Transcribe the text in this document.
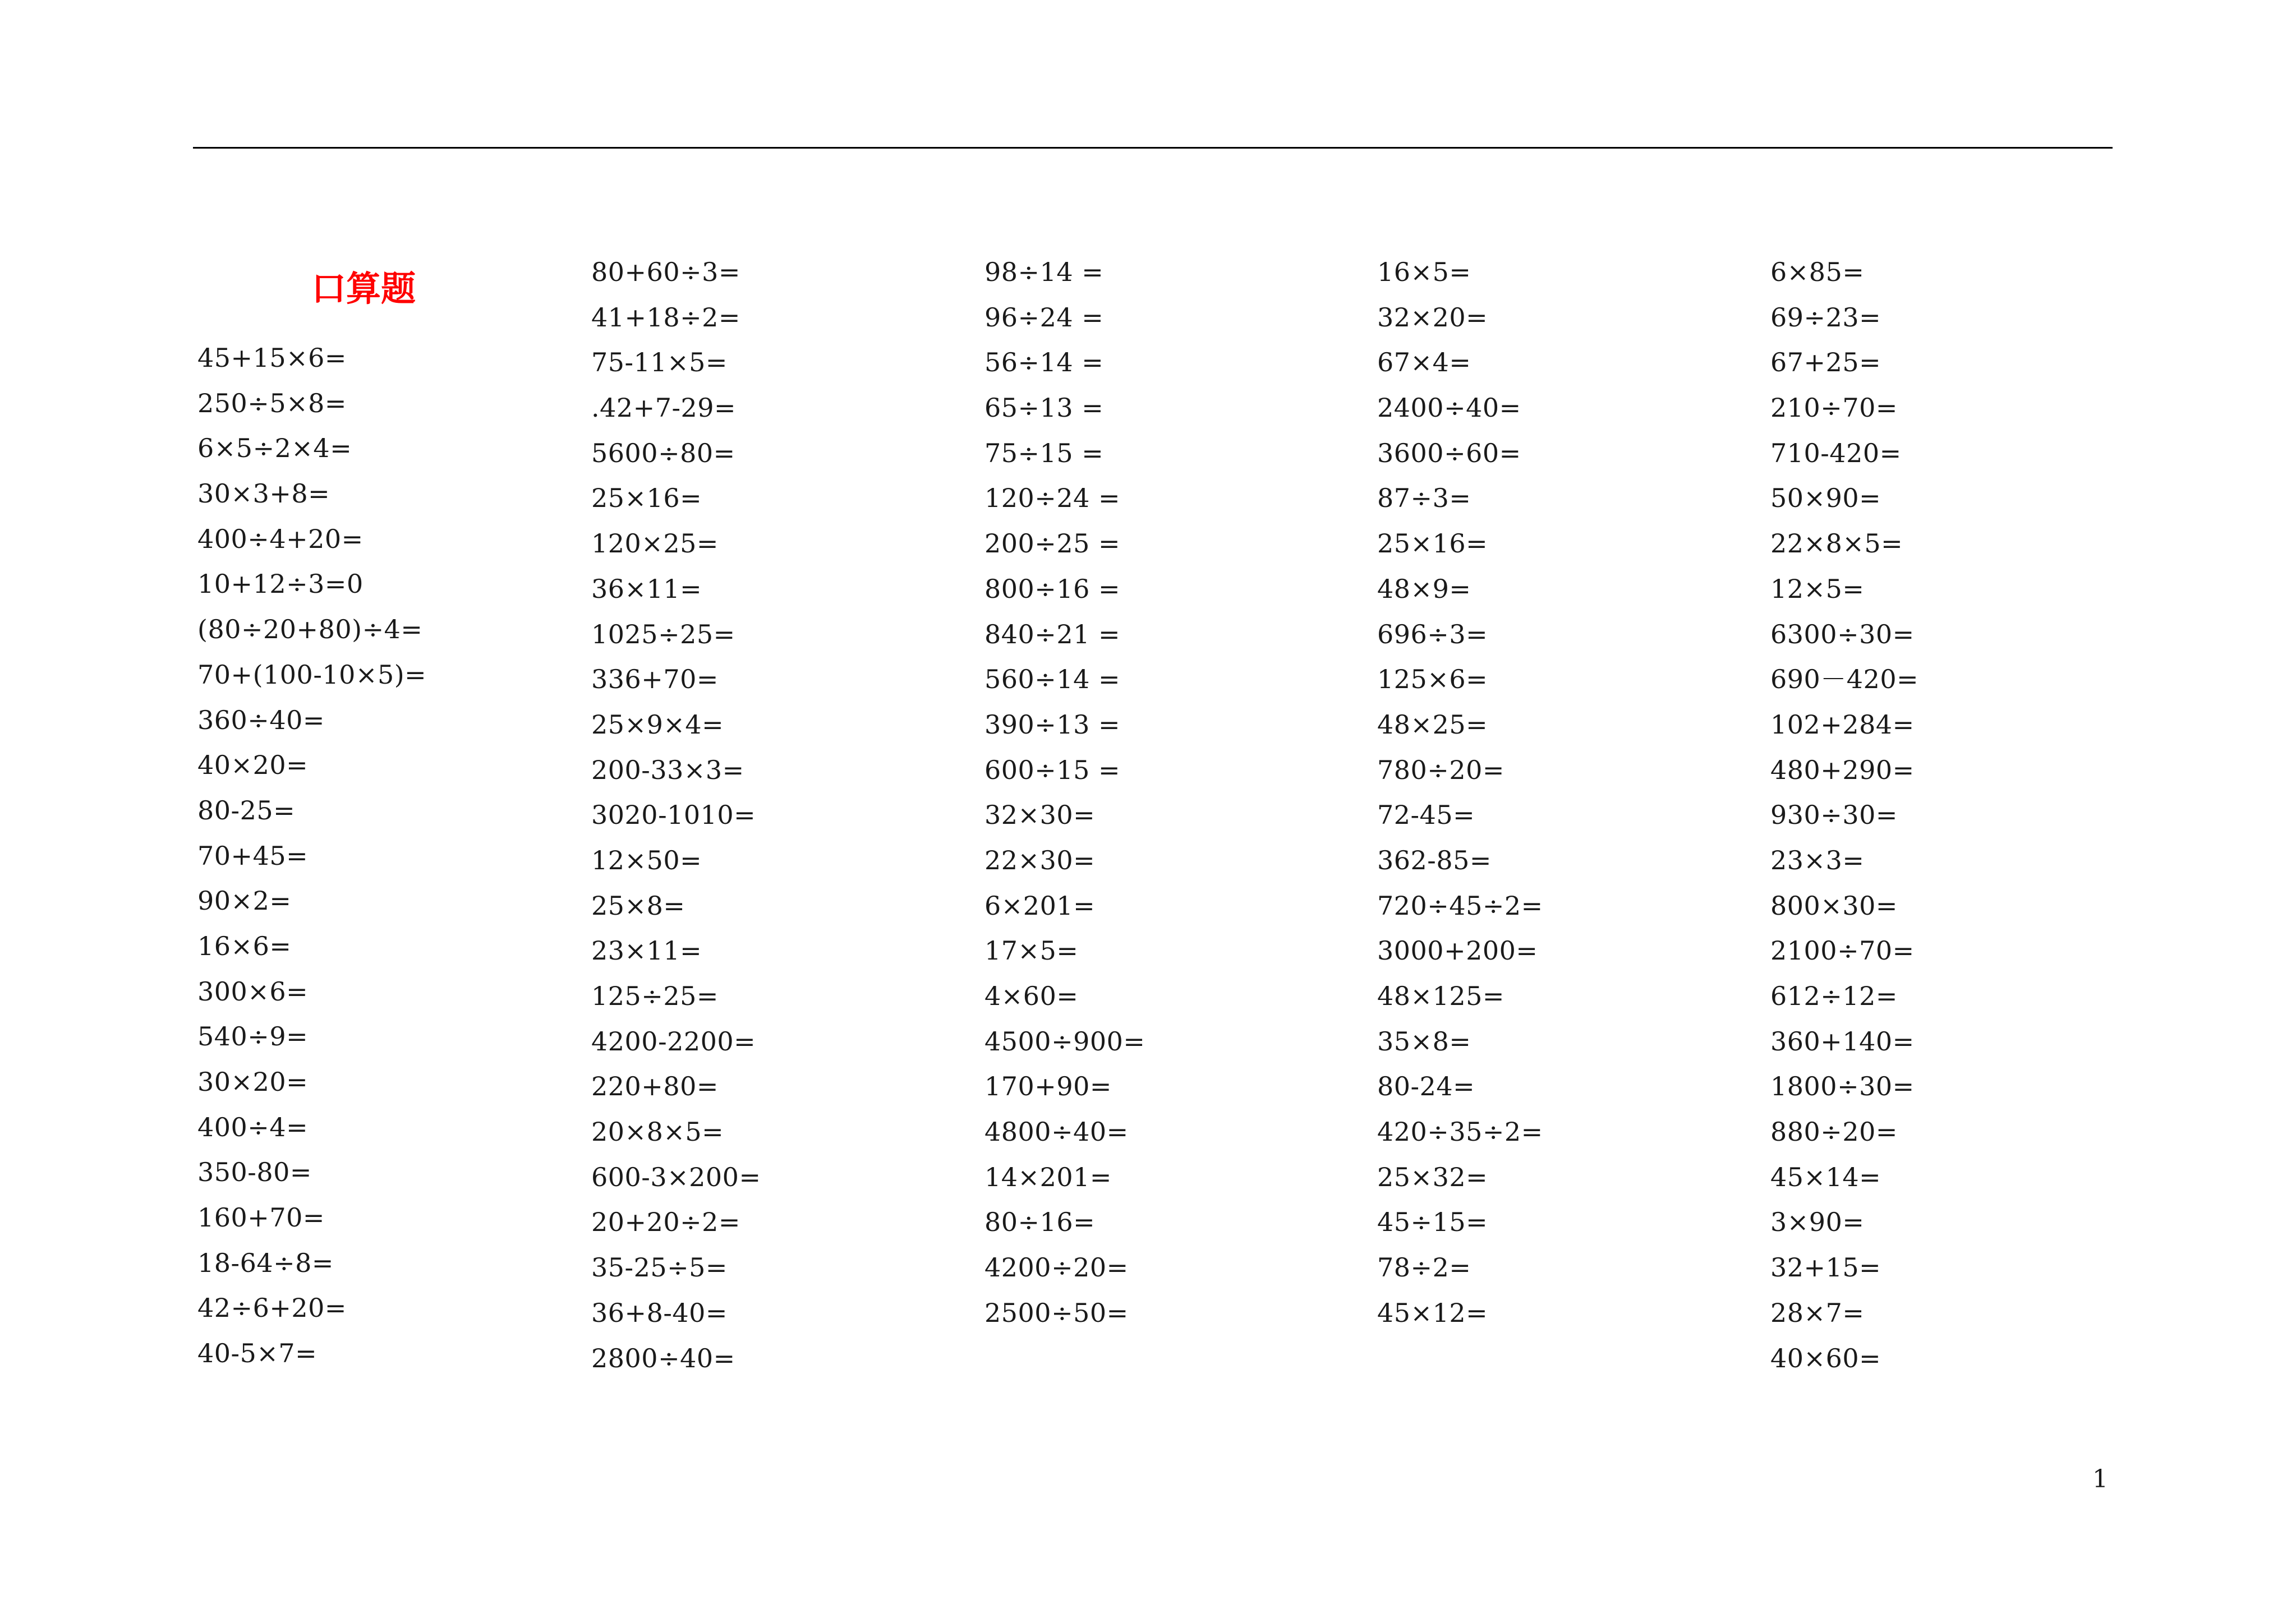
口算题
45+15×6=
250÷5×8=
6×5÷2×4=
30×3+8=
400÷4+20=
10+12÷3=0
(80÷20+80)÷4=
70+(100-10×5)=
360÷40=
40×20=
80-25=
70+45=
90×2=
16×6=
300×6=
540÷9=
30×20=
400÷4=
350-80=
160+70=
18-64÷8=
42÷6+20=
40-5×7=
80+60÷3=
41+18÷2=
75-11×5=
.42+7-29=
5600÷80=
25×16=
120×25=
36×11=
1025÷25=
336+70=
25×9×4=
200-33×3=
3020-1010=
12×50=
25×8=
23×11=
125÷25=
4200-2200=
220+80=
20×8×5=
600-3×200=
20+20÷2=
35-25÷5=
36+8-40=
2800÷40=
98÷14 =
96÷24 =
56÷14 =
65÷13 =
75÷15 =
120÷24 =
200÷25 =
800÷16 =
840÷21 =
560÷14 =
390÷13 =
600÷15 =
32×30=
22×30=
6×201=
17×5=
4×60=
4500÷900=
170+90=
4800÷40=
14×201=
80÷16=
4200÷20=
2500÷50=
16×5=
32×20=
67×4=
2400÷40=
3600÷60=
87÷3=
25×16=
48×9=
696÷3=
125×6=
48×25=
780÷20=
72-45=
362-85=
720÷45÷2=
3000+200=
48×125=
35×8=
80-24=
420÷35÷2=
25×32=
45÷15=
78÷2=
45×12=
6×85=
69÷23=
67+25=
210÷70=
710-420=
50×90=
22×8×5=
12×5=
6300÷30=
690－420=
102+284=
480+290=
930÷30=
23×3=
800×30=
2100÷70=
612÷12=
360+140=
1800÷30=
880÷20=
45×14=
3×90=
32+15=
28×7=
40×60=
1
